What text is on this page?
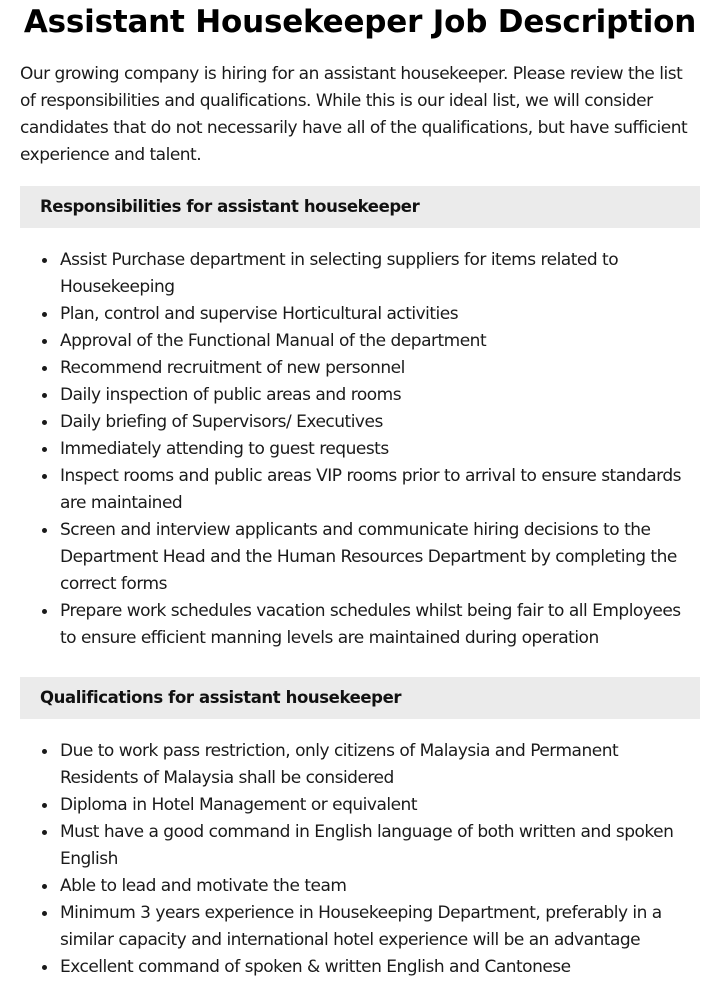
Assistant Housekeeper Job Description

Our growing company is hiring for an assistant housekeeper. Please review the list of responsibilities and qualifications. While this is our ideal list, we will consider candidates that do not necessarily have all of the qualifications, but have sufficient experience and talent.

Responsibilities for assistant housekeeper
Assist Purchase department in selecting suppliers for items related to Housekeeping
Plan, control and supervise Horticultural activities
Approval of the Functional Manual of the department
Recommend recruitment of new personnel
Daily inspection of public areas and rooms
Daily briefing of Supervisors/ Executives
Immediately attending to guest requests
Inspect rooms and public areas VIP rooms prior to arrival to ensure standards are maintained
Screen and interview applicants and communicate hiring decisions to the Department Head and the Human Resources Department by completing the correct forms
Prepare work schedules vacation schedules whilst being fair to all Employees to ensure efficient manning levels are maintained during operation
Qualifications for assistant housekeeper
Due to work pass restriction, only citizens of Malaysia and Permanent Residents of Malaysia shall be considered
Diploma in Hotel Management or equivalent
Must have a good command in English language of both written and spoken English
Able to lead and motivate the team
Minimum 3 years experience in Housekeeping Department, preferably in a similar capacity and international hotel experience will be an advantage
Excellent command of spoken & written English and Cantonese
